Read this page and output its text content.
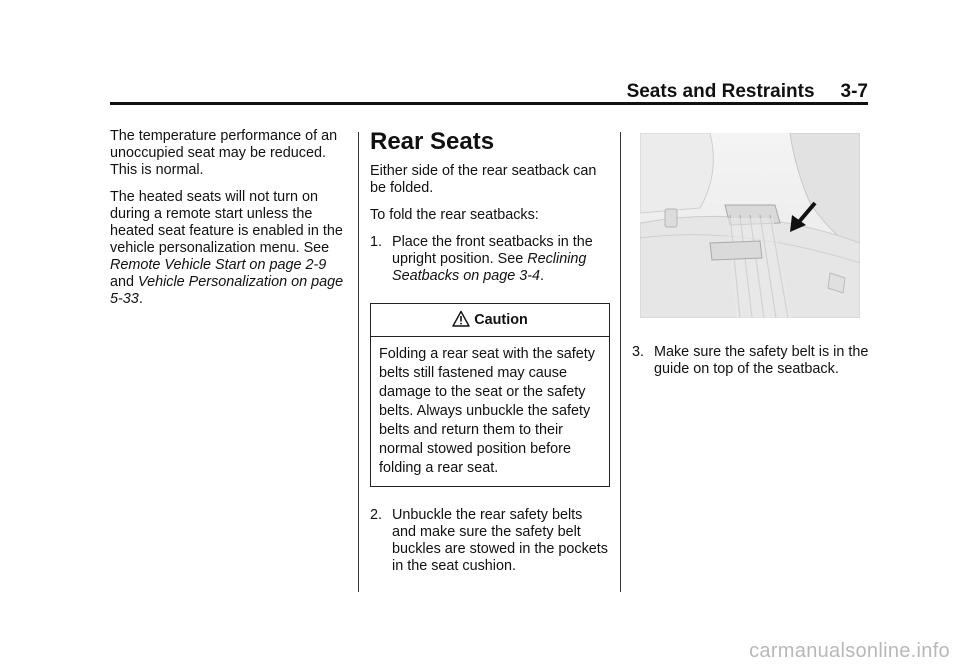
Seats and Restraints 3-7

The temperature performance of an unoccupied seat may be reduced. This is normal.

The heated seats will not turn on during a remote start unless the heated seat feature is enabled in the vehicle personalization menu. See Remote Vehicle Start on page 2-9 and Vehicle Personalization on page 5-33.

Rear Seats

Either side of the rear seatback can be folded.

To fold the rear seatbacks:

1. Place the front seatbacks in the upright position. See Reclining Seatbacks on page 3-4.
Caution
Folding a rear seat with the safety belts still fastened may cause damage to the seat or the safety belts. Always unbuckle the safety belts and return them to their normal stowed position before folding a rear seat.
2. Unbuckle the rear safety belts and make sure the safety belt buckles are stowed in the pockets in the seat cushion.
3. Make sure the safety belt is in the guide on top of the seatback.
carmanualsonline.info
